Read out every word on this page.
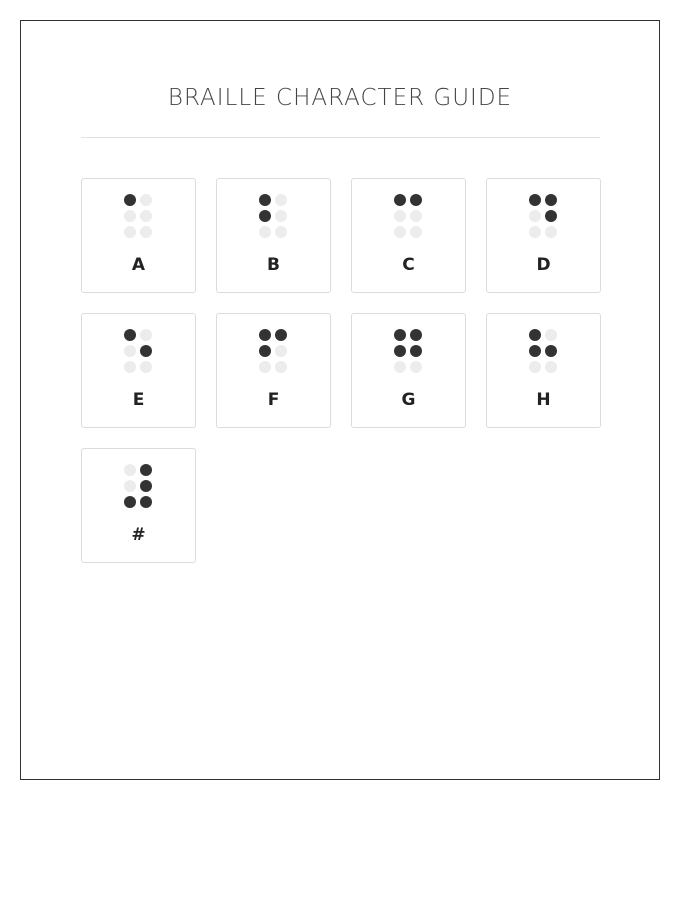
BRAILLE CHARACTER GUIDE
A	B	C	D
E	F	G	H
#
